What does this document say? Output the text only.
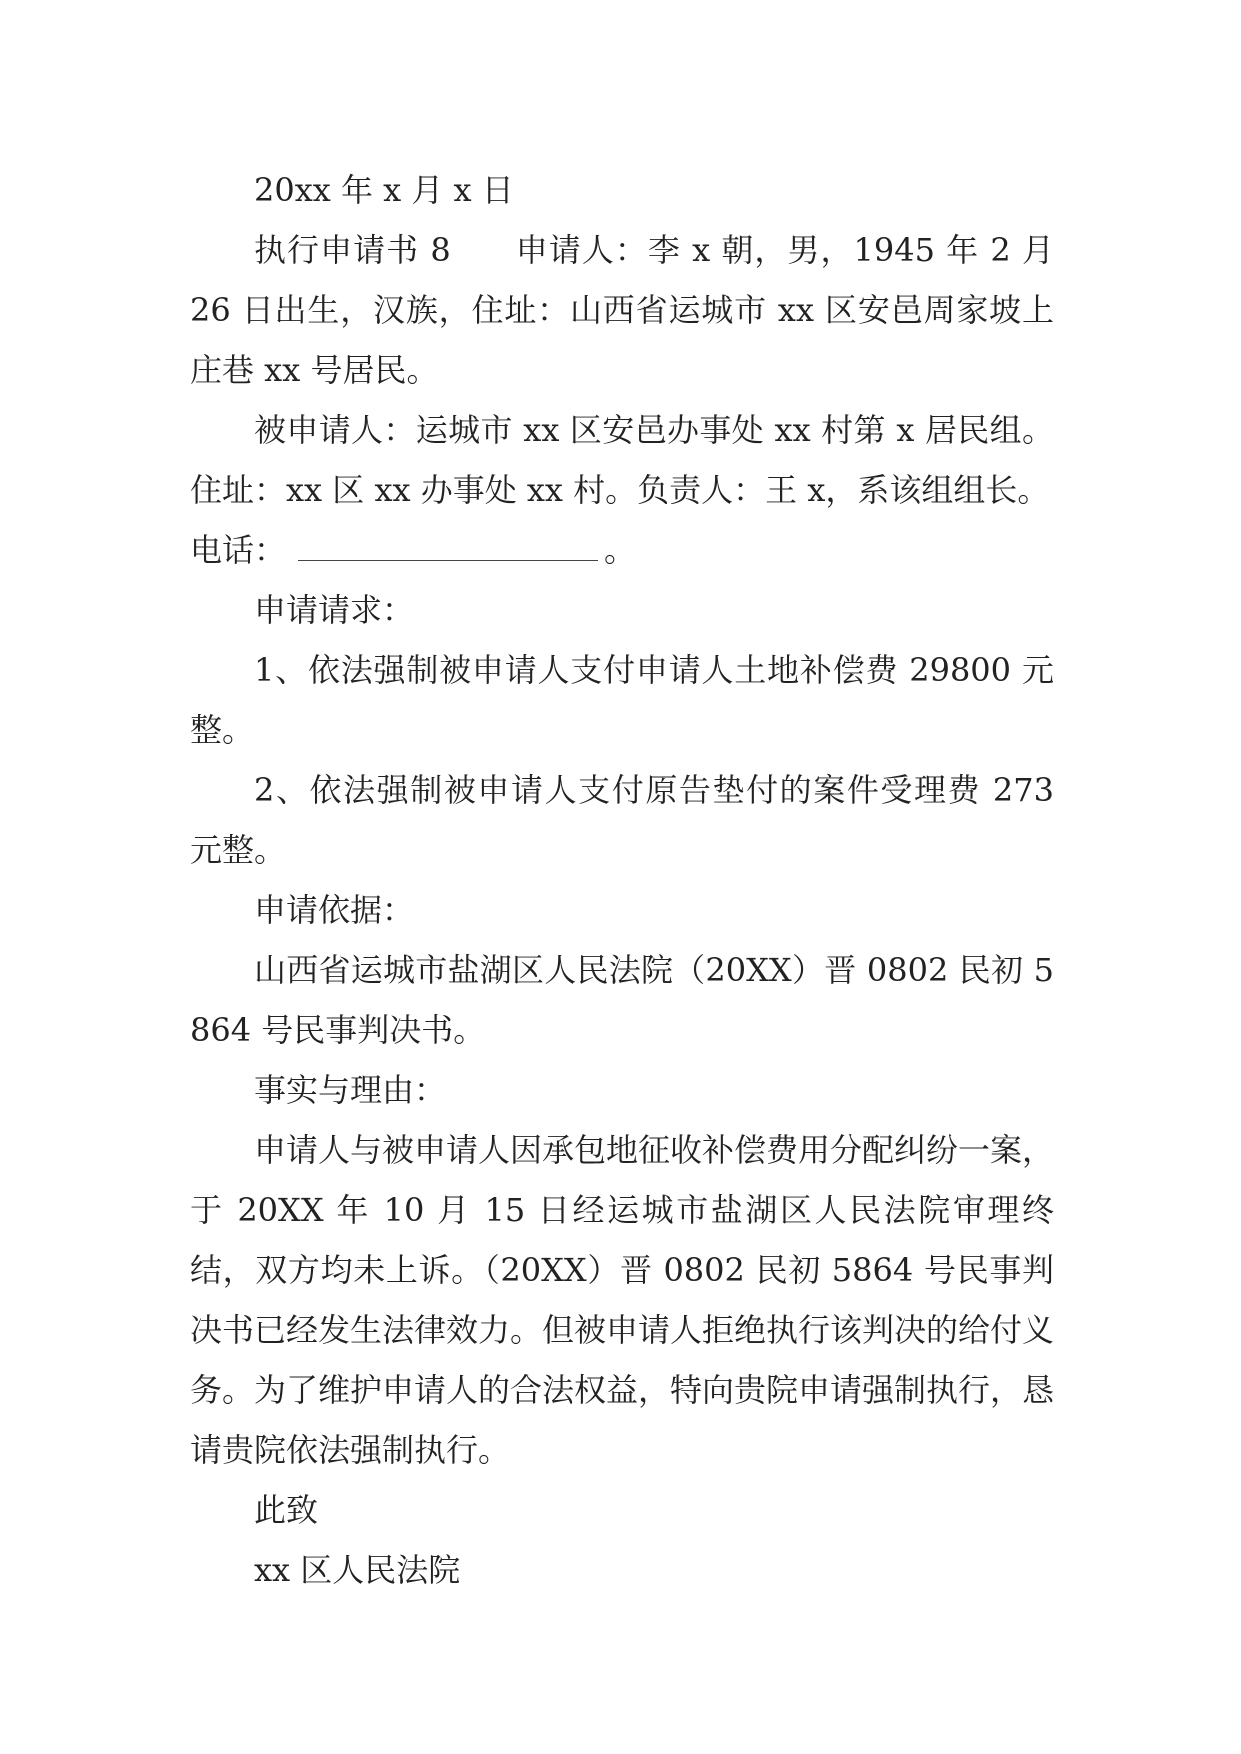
20xx 年 x 月 x 日

执行申请书 8 申请人：李 x 朝，男，1945 年 2 月 26 日出生，汉族，住址：山西省运城市 xx 区安邑周家坡上庄巷 xx 号居民。

被申请人：运城市 xx 区安邑办事处 xx 村第 x 居民组。住址：xx 区 xx 办事处 xx 村。负责人：王 x，系该组组长。

电话：	。

申请请求：

1、依法强制被申请人支付申请人土地补偿费 29800 元整。

2、依法强制被申请人支付原告垫付的案件受理费 273 元整。

申请依据：

山西省运城市盐湖区人民法院（20XX）晋 0802 民初 5864 号民事判决书。

事实与理由：

申请人与被申请人因承包地征收补偿费用分配纠纷一案，于 20XX 年 10 月 15 日经运城市盐湖区人民法院审理终结，双方均未上诉。（20XX）晋 0802 民初 5864 号民事判决书已经发生法律效力。但被申请人拒绝执行该判决的给付义务。为了维护申请人的合法权益，特向贵院申请强制执行，恳请贵院依法强制执行。

此致

xx 区人民法院
